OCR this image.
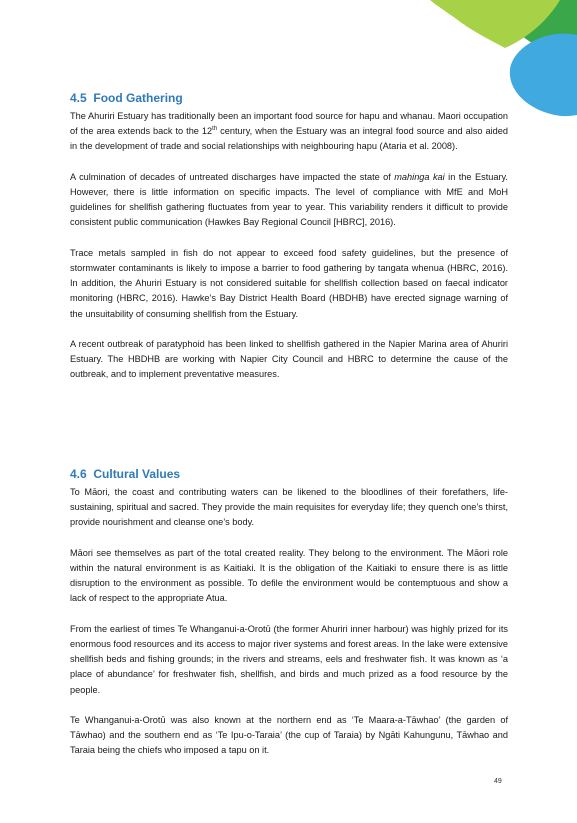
4.5 Food Gathering

The Ahuriri Estuary has traditionally been an important food source for hapu and whanau. Maori occupation of the area extends back to the 12th century, when the Estuary was an integral food source and also aided in the development of trade and social relationships with neighbouring hapu (Ataria et al. 2008).

A culmination of decades of untreated discharges have impacted the state of mahinga kai in the Estuary. However, there is little information on specific impacts. The level of compliance with MfE and MoH guidelines for shellfish gathering fluctuates from year to year. This variability renders it difficult to provide consistent public communication (Hawkes Bay Regional Council [HBRC], 2016).

Trace metals sampled in fish do not appear to exceed food safety guidelines, but the presence of stormwater contaminants is likely to impose a barrier to food gathering by tangata whenua (HBRC, 2016). In addition, the Ahuriri Estuary is not considered suitable for shellfish collection based on faecal indicator monitoring (HBRC, 2016). Hawke’s Bay District Health Board (HBDHB) have erected signage warning of the unsuitability of consuming shellfish from the Estuary.

A recent outbreak of paratyphoid has been linked to shellfish gathered in the Napier Marina area of Ahuriri Estuary. The HBDHB are working with Napier City Council and HBRC to determine the cause of the outbreak, and to implement preventative measures.

4.6 Cultural Values

To Māori, the coast and contributing waters can be likened to the bloodlines of their forefathers, life-sustaining, spiritual and sacred. They provide the main requisites for everyday life; they quench one’s thirst, provide nourishment and cleanse one’s body.

Māori see themselves as part of the total created reality. They belong to the environment. The Māori role within the natural environment is as Kaitiaki. It is the obligation of the Kaitiaki to ensure there is as little disruption to the environment as possible. To defile the environment would be contemptuous and show a lack of respect to the appropriate Atua.

From the earliest of times Te Whanganui-a-Orotū (the former Ahuriri inner harbour) was highly prized for its enormous food resources and its access to major river systems and forest areas. In the lake were extensive shellfish beds and fishing grounds; in the rivers and streams, eels and freshwater fish. It was known as ‘a place of abundance’ for freshwater fish, shellfish, and birds and much prized as a food resource by the people.

Te Whanganui-a-Orotū was also known at the northern end as ‘Te Maara-a-Tāwhao’ (the garden of Tāwhao) and the southern end as ‘Te Ipu-o-Taraia’ (the cup of Taraia) by Ngāti Kahungunu, Tāwhao and Taraia being the chiefs who imposed a tapu on it.

49
